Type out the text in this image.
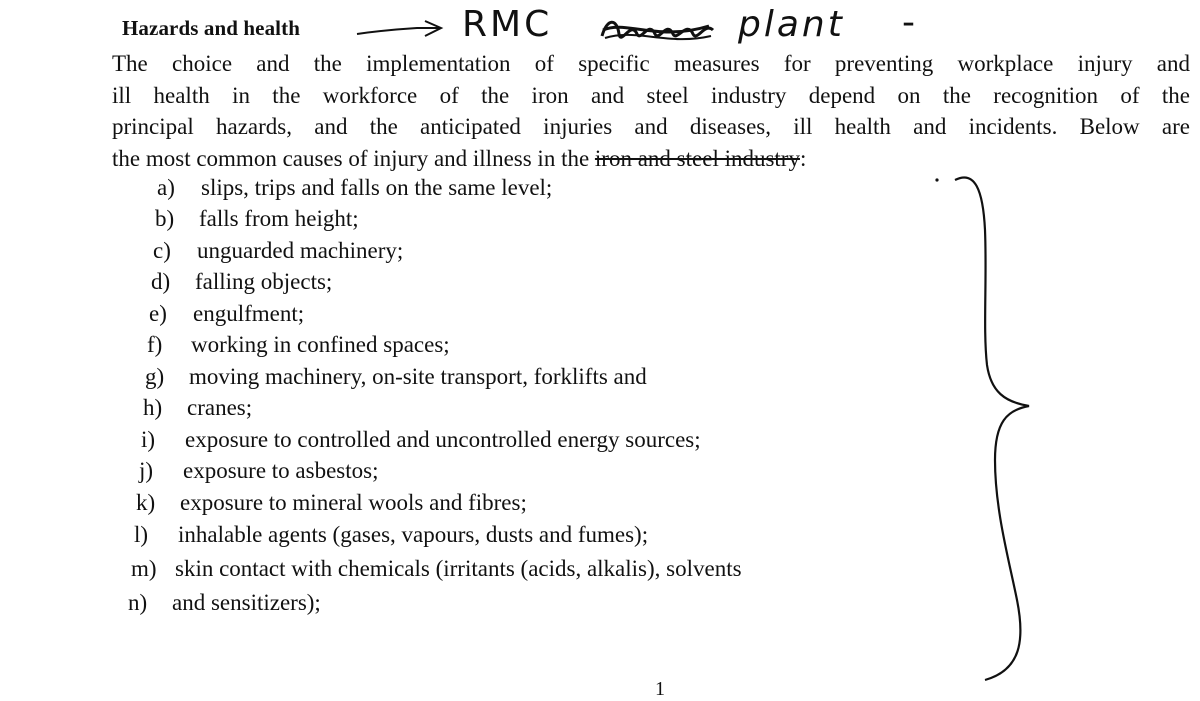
Hazards and health	RMC	plant -
The choice and the implementation of specific measures for preventing workplace injury and
ill health in the workforce of the iron and steel industry depend on the recognition of the
principal hazards, and the anticipated injuries and diseases, ill health and incidents. Below are
the most common causes of injury and illness in the iron and steel industry:
a)	slips, trips and falls on the same level;
b)	falls from height;
c)	unguarded machinery;
d)	falling objects;
e)	engulfment;
f)	working in confined spaces;
g)	moving machinery, on-site transport, forklifts and
h)	cranes;
i)	exposure to controlled and uncontrolled energy sources;
j)	exposure to asbestos;
k)	exposure to mineral wools and fibres;
l)	inhalable agents (gases, vapours, dusts and fumes);
m) skin contact with chemicals (irritants (acids, alkalis), solvents
n)	and sensitizers);
1
